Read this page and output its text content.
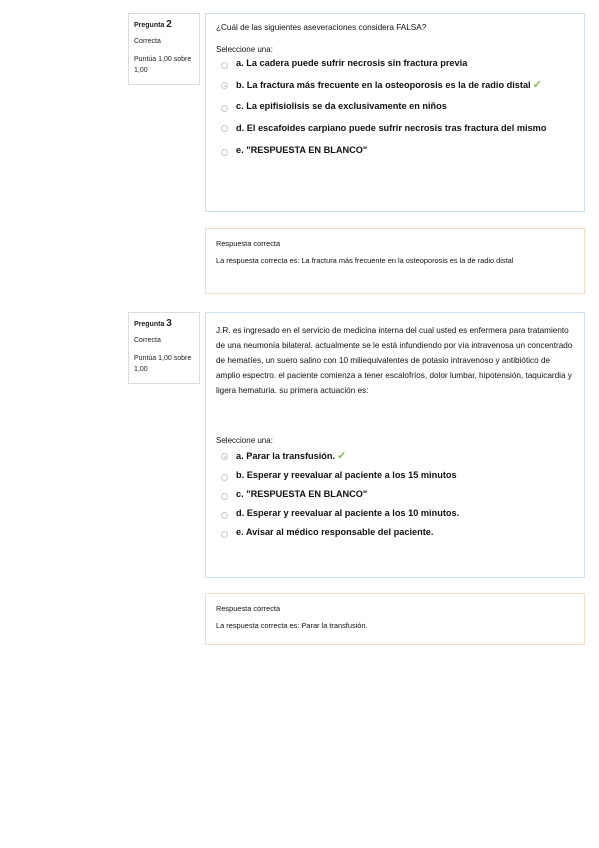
Pregunta 2
Correcta
Puntúa 1,00 sobre 1,00
¿Cuál de las siguientes aseveraciones considera FALSA?
Seleccione una:
a. La cadera puede sufrir necrosis sin fractura previa
b. La fractura más frecuente en la osteoporosis es la de radio distal ✓
c. La epifisiolisis se da exclusivamente en niños
d. El escafoides carpiano puede sufrir necrosis tras fractura del mismo
e. "RESPUESTA EN BLANCO"
Respuesta correcta
La respuesta correcta es: La fractura más frecuente en la osteoporosis es la de radio distal
Pregunta 3
Correcta
Puntúa 1,00 sobre 1,00
J.R. es ingresado en el servicio de medicina interna del cual usted es enfermera para tratamiento de una neumonía bilateral. actualmente se le está infundiendo por vía intravenosa un concentrado de hematíes, un suero salino con 10 miliequivalentes de potasio intravenoso y antibiótico de amplio espectro. el paciente comienza a tener escalofríos, dolor lumbar, hipotensión, taquicardia y ligera hematuria. su primera actuación es:
Seleccione una:
a. Parar la transfusión. ✓
b. Esperar y reevaluar al paciente a los 15 minutos
c. "RESPUESTA EN BLANCO"
d. Esperar y reevaluar al paciente a los 10 minutos.
e. Avisar al médico responsable del paciente.
Respuesta correcta
La respuesta correcta es: Parar la transfusión.
